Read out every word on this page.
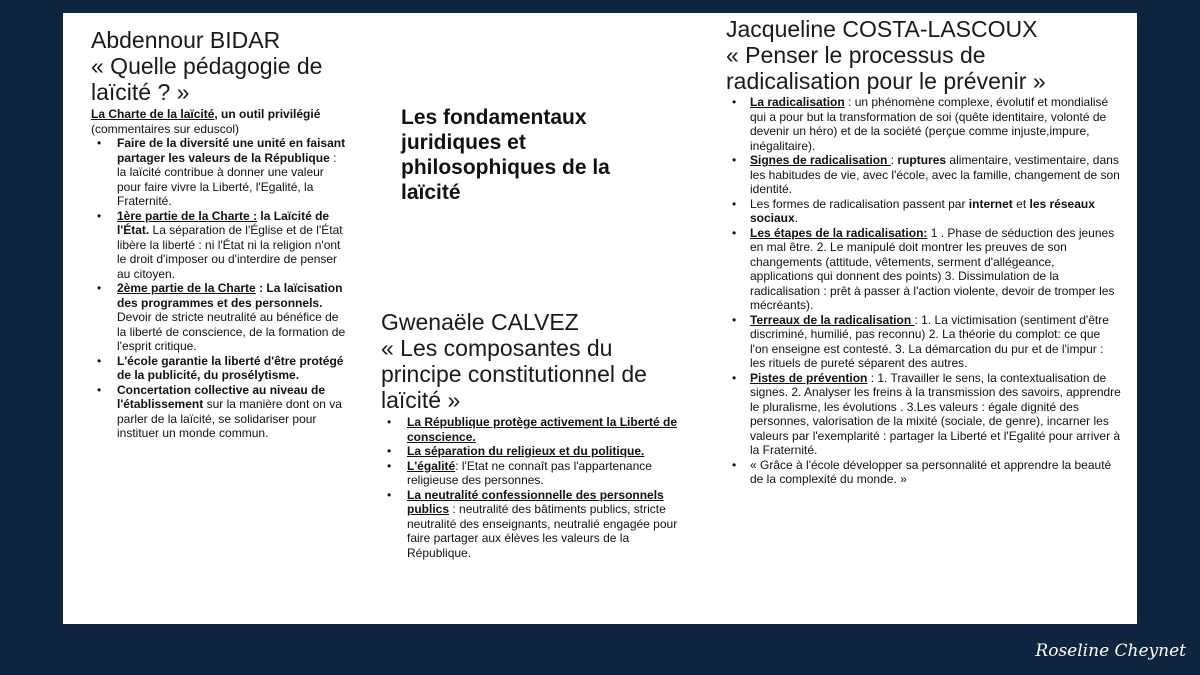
Abdennour BIDAR

« Quelle pédagogie de laïcité ? »

La Charte de la laïcité, un outil privilégié (commentaires sur eduscol)

• Faire de la diversité une unité en faisant partager les valeurs de la République : la laïcité contribue à donner une valeur pour faire vivre la Liberté, l'Egalité, la Fraternité.
• 1ère partie de la Charte : la Laïcité de l'État. La séparation de l'Église et de l'État libère la liberté : ni l'État ni la religion n'ont le droit d'imposer ou d'interdire de penser au citoyen.
• 2ème partie de la Charte : La laïcisation des programmes et des personnels. Devoir de stricte neutralité au bénéfice de la liberté de conscience, de la formation de l'esprit critique.
• L'école garantie la liberté d'être protégé de la publicité, du prosélytisme.
• Concertation collective au niveau de l'établissement sur la manière dont on va parler de la laïcité, se solidariser pour instituer un monde commun.
Les fondamentaux juridiques et philosophiques de la laïcité

Gwenaële CALVEZ

« Les composantes du principe constitutionnel de laïcité »

• La République protège activement la Liberté de conscience.
• La séparation du religieux et du politique.
• L'égalité: l'Etat ne connaît pas l'appartenance religieuse des personnes.
• La neutralité confessionnelle des personnels publics : neutralité des bâtiments publics, stricte neutralité des enseignants, neutralié engagée pour faire partager aux élèves les valeurs de la République.

Jacqueline COSTA-LASCOUX

« Penser le processus de radicalisation pour le prévenir »

• La radicalisation : un phénomène complexe, évolutif et mondialisé qui a pour but la transformation de soi (quête identitaire, volonté de devenir un héro) et de la société (perçue comme injuste,impure, inégalitaire).
• Signes de radicalisation : ruptures alimentaire, vestimentaire, dans les habitudes de vie, avec l'école, avec la famille, changement de son identité.
• Les formes de radicalisation passent par internet et les réseaux sociaux.
• Les étapes de la radicalisation: 1 . Phase de séduction des jeunes en mal être. 2. Le manipulé doit montrer les preuves de son changements (attitude, vêtements, serment d'allégeance, applications qui donnent des points) 3. Dissimulation de la radicalisation : prêt à passer à l'action violente, devoir de tromper les mécréants).
• Terreaux de la radicalisation : 1. La victimisation (sentiment d'être discriminé, humilié, pas reconnu) 2. La théorie du complot: ce que l'on enseigne est contesté. 3. La démarcation du pur et de l'impur : les rituels de pureté séparent des autres.
• Pistes de prévention : 1. Travailler le sens, la contextualisation de signes. 2. Analyser les freins à la transmission des savoirs, apprendre le pluralisme, les évolutions . 3.Les valeurs : égale dignité des personnes, valorisation de la mixité (sociale, de genre), incarner les valeurs par l'exemplarité : partager la Liberté et l'Egalité pour arriver à la Fraternité.
• « Grâce à l'école développer sa personnalité et apprendre la beauté de la complexité du monde. »
Roseline Cheynet
